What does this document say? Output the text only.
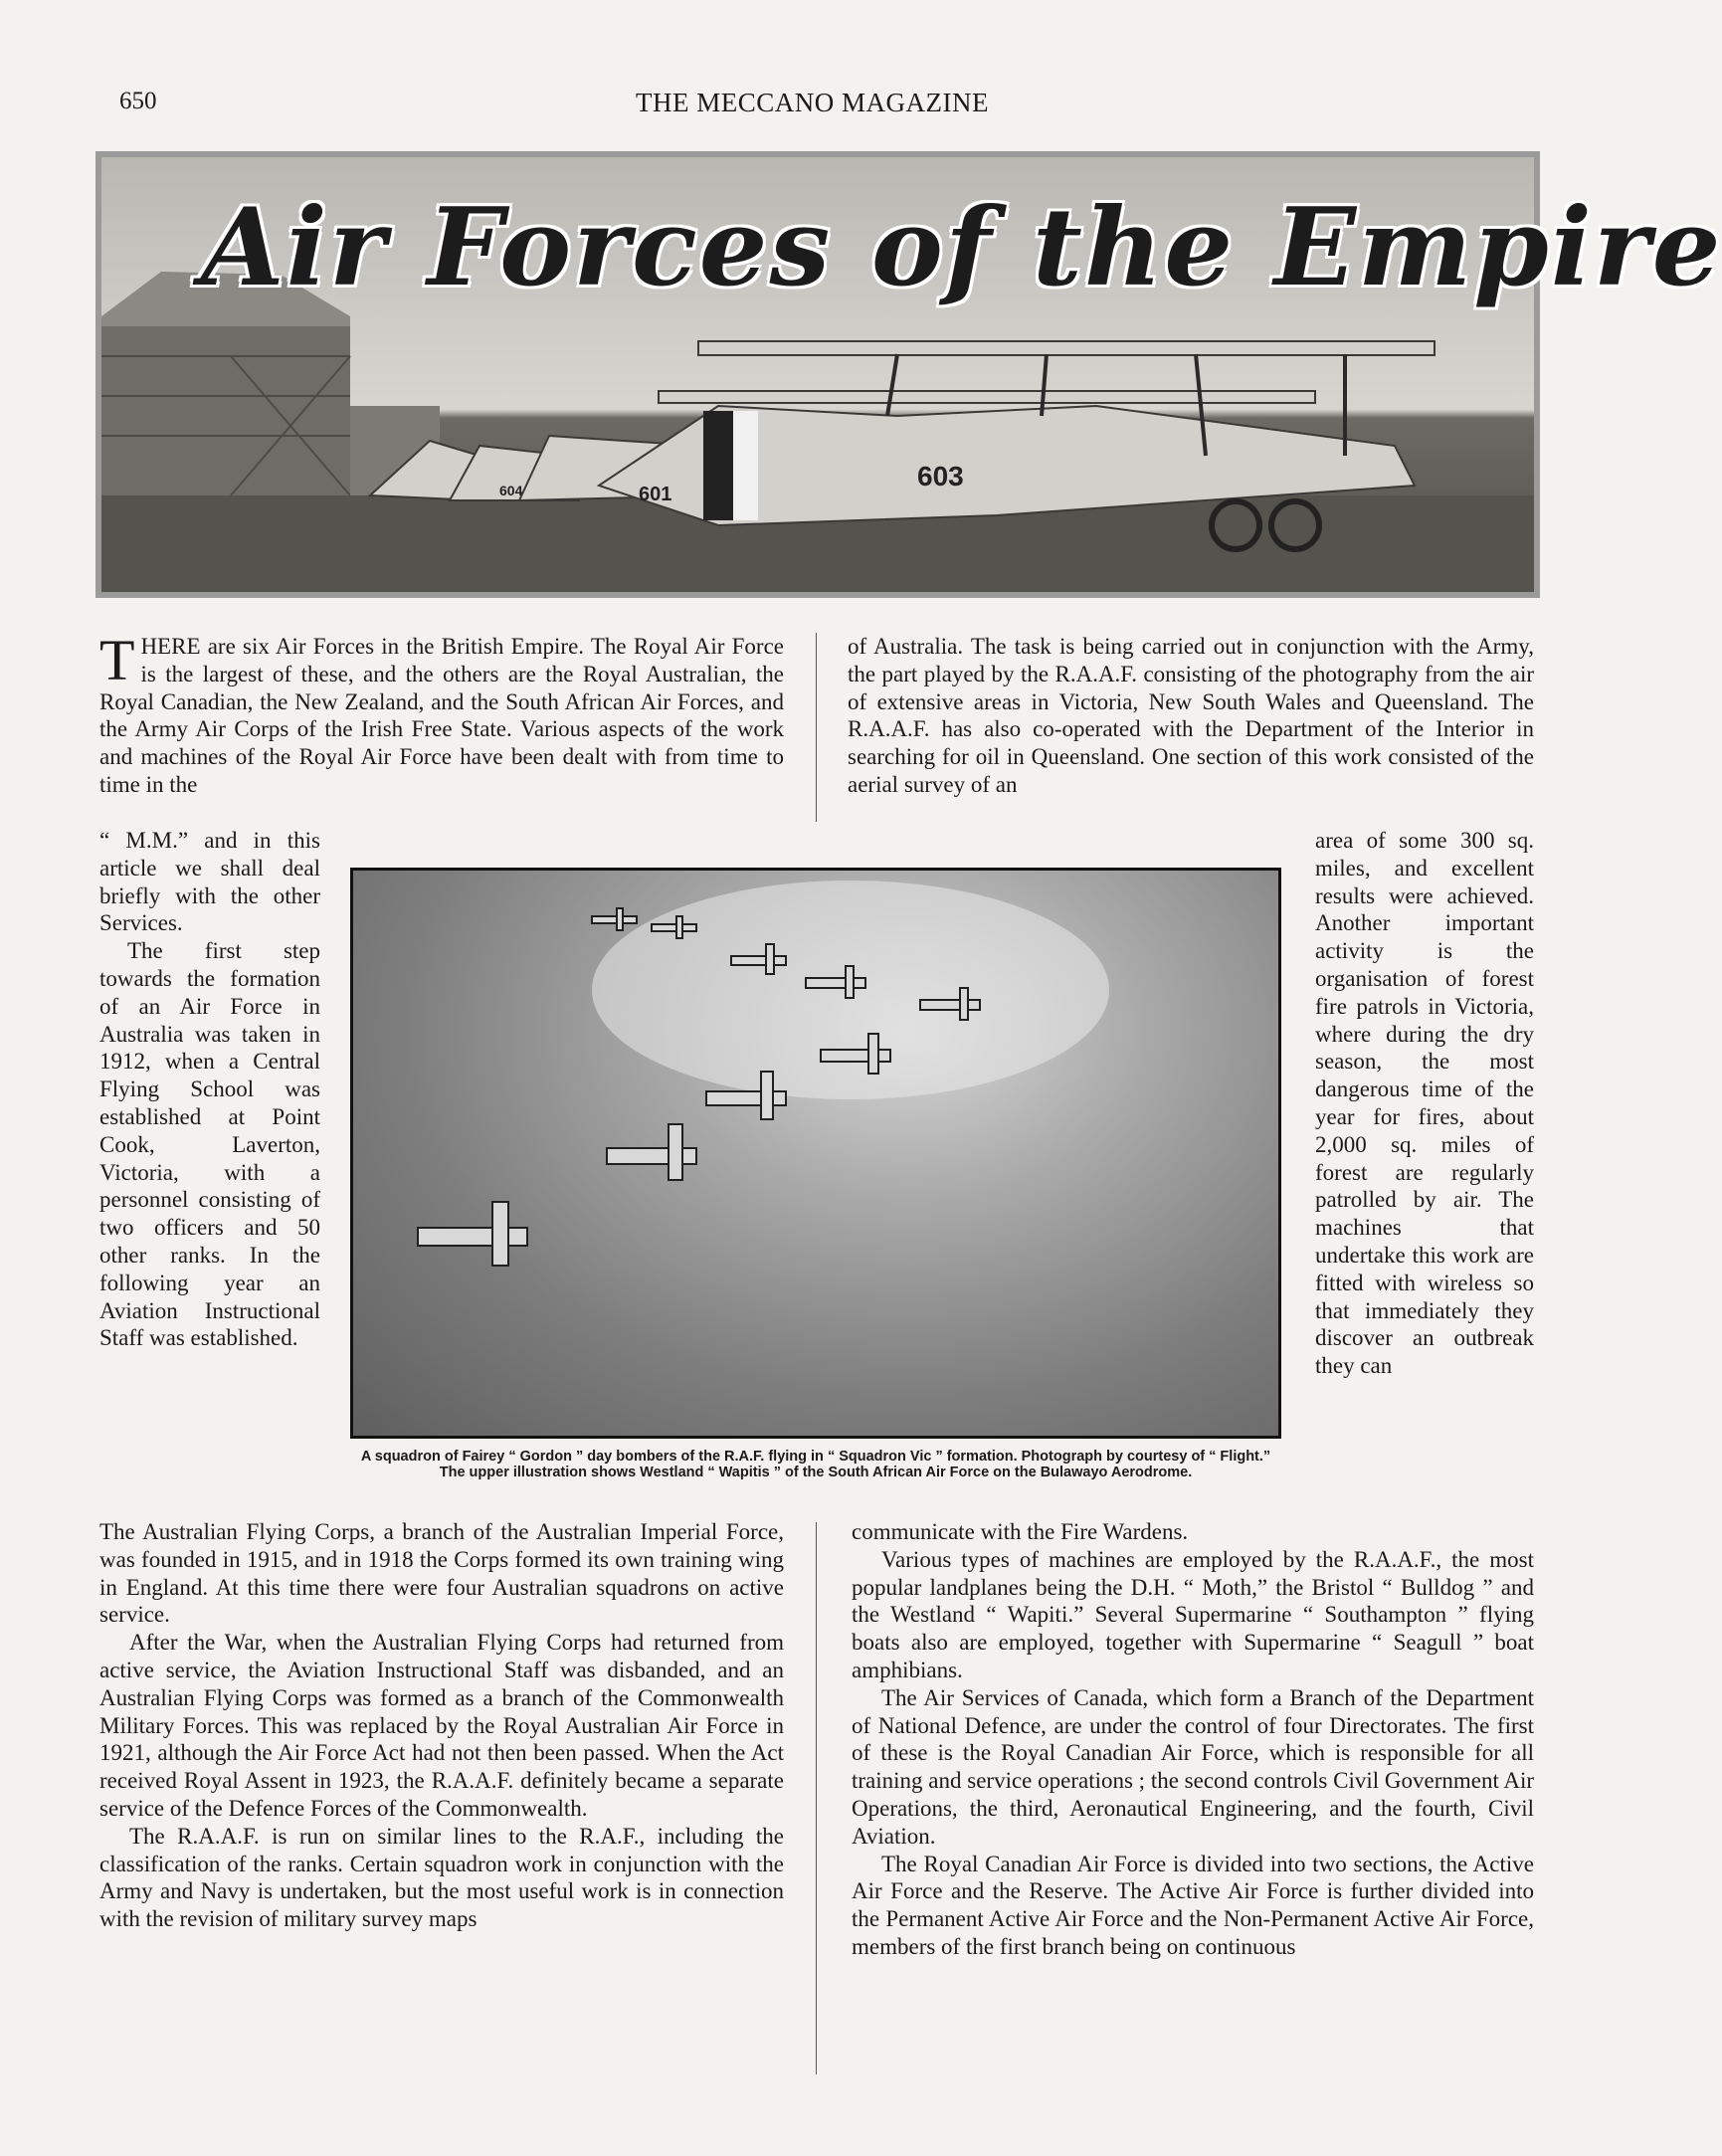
650	THE MECCANO MAGAZINE
603
601
604
Air Forces of the Empire

THERE are six Air Forces in the British Empire. The Royal Air Force is the largest of these, and the others are the Royal Australian, the Royal Canadian, the New Zealand, and the South African Air Forces, and the Army Air Corps of the Irish Free State. Various aspects of the work and machines of the Royal Air Force have been dealt with from time to time in the

“ M.M.” and in this article we shall deal briefly with the other Services.

The first step towards the formation of an Air Force in Australia was taken in 1912, when a Central Flying School was established at Point Cook, Laverton, Victoria, with a personnel consisting of two officers and 50 other ranks. In the following year an Aviation Instructional Staff was established.

A squadron of Fairey “ Gordon ” day bombers of the R.A.F. flying in “ Squadron Vic ” formation. Photograph by courtesy of “ Flight.” The upper illustration shows Westland “ Wapitis ” of the South African Air Force on the Bulawayo Aerodrome.

The Australian Flying Corps, a branch of the Australian Imperial Force, was founded in 1915, and in 1918 the Corps formed its own training wing in England. At this time there were four Australian squadrons on active service.

After the War, when the Australian Flying Corps had returned from active service, the Aviation Instructional Staff was disbanded, and an Australian Flying Corps was formed as a branch of the Commonwealth Military Forces. This was replaced by the Royal Australian Air Force in 1921, although the Air Force Act had not then been passed. When the Act received Royal Assent in 1923, the R.A.A.F. definitely became a separate service of the Defence Forces of the Commonwealth.

The R.A.A.F. is run on similar lines to the R.A.F., including the classification of the ranks. Certain squadron work in conjunction with the Army and Navy is undertaken, but the most useful work is in connection with the revision of military survey maps

of Australia. The task is being carried out in conjunction with the Army, the part played by the R.A.A.F. consisting of the photography from the air of extensive areas in Victoria, New South Wales and Queensland. The R.A.A.F. has also co-operated with the Department of the Interior in searching for oil in Queensland. One section of this work consisted of the aerial survey of an

area of some 300 sq. miles, and excellent results were achieved. Another important activity is the organisation of forest fire patrols in Victoria, where during the dry season, the most dangerous time of the year for fires, about 2,000 sq. miles of forest are regularly patrolled by air. The machines that undertake this work are fitted with wireless so that immediately they discover an outbreak they can

communicate with the Fire Wardens.

Various types of machines are employed by the R.A.A.F., the most popular landplanes being the D.H. “ Moth,” the Bristol “ Bulldog ” and the Westland “ Wapiti.” Several Supermarine “ Southampton ” flying boats also are employed, together with Supermarine “ Seagull ” boat amphibians.

The Air Services of Canada, which form a Branch of the Department of National Defence, are under the control of four Directorates. The first of these is the Royal Canadian Air Force, which is responsible for all training and service operations ; the second controls Civil Government Air Operations, the third, Aeronautical Engineering, and the fourth, Civil Aviation.

The Royal Canadian Air Force is divided into two sections, the Active Air Force and the Reserve. The Active Air Force is further divided into the Permanent Active Air Force and the Non-Permanent Active Air Force, members of the first branch being on continuous
